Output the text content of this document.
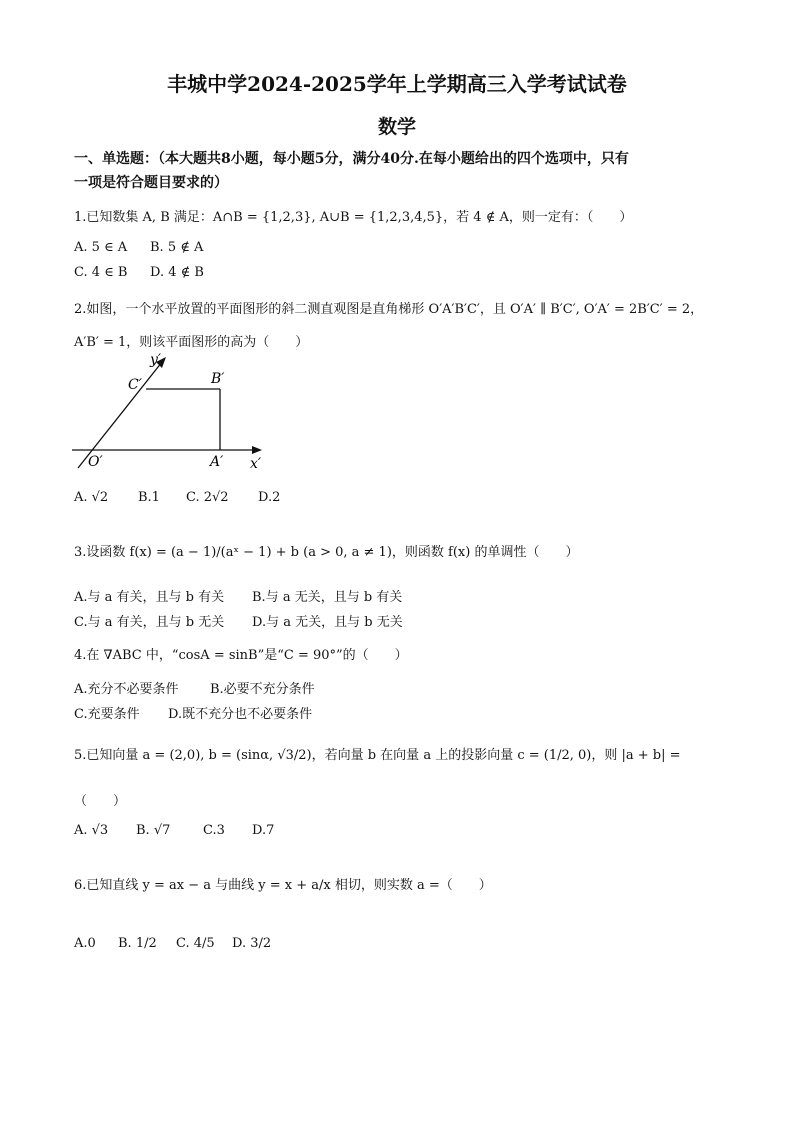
丰城中学2024-2025学年上学期高三入学考试试卷
数学
一、单选题：（本大题共8小题，每小题5分，满分40分.在每小题给出的四个选项中，只有
一项是符合题目要求的）
1.已知数集 A, B 满足：A∩B = {1,2,3}, A∪B = {1,2,3,4,5}，若 4 ∉ A，则一定有：（　　）
A. 5 ∈ A B. 5 ∉ A
C. 4 ∈ B D. 4 ∉ B
2.如图，一个水平放置的平面图形的斜二测直观图是直角梯形 O′A′B′C′，且 O′A′ ∥ B′C′, O′A′ = 2B′C′ = 2，
A′B′ = 1，则该平面图形的高为（　　）
y′
x′
O′	A′
B′
C′
A. √2 B.1 C. 2√2 D.2
3.设函数 f(x) = (a − 1)/(aˣ − 1) + b (a > 0, a ≠ 1)，则函数 f(x) 的单调性（　　）
A.与 a 有关，且与 b 有关 B.与 a 无关，且与 b 有关
C.与 a 有关，且与 b 无关 D.与 a 无关，且与 b 无关
4.在 ∇ABC 中，“cosA = sinB”是“C = 90°”的（　　）
A.充分不必要条件 B.必要不充分条件
C.充要条件 D.既不充分也不必要条件
5.已知向量 a = (2,0), b = (sinα, √3/2)，若向量 b 在向量 a 上的投影向量 c = (1/2, 0)，则 |a + b| =
（　　）
A. √3 B. √7	C.3 D.7
6.已知直线 y = ax − a 与曲线 y = x + a/x 相切，则实数 a =（　　）
A.0 B. 1/2 C. 4/5 D. 3/2
